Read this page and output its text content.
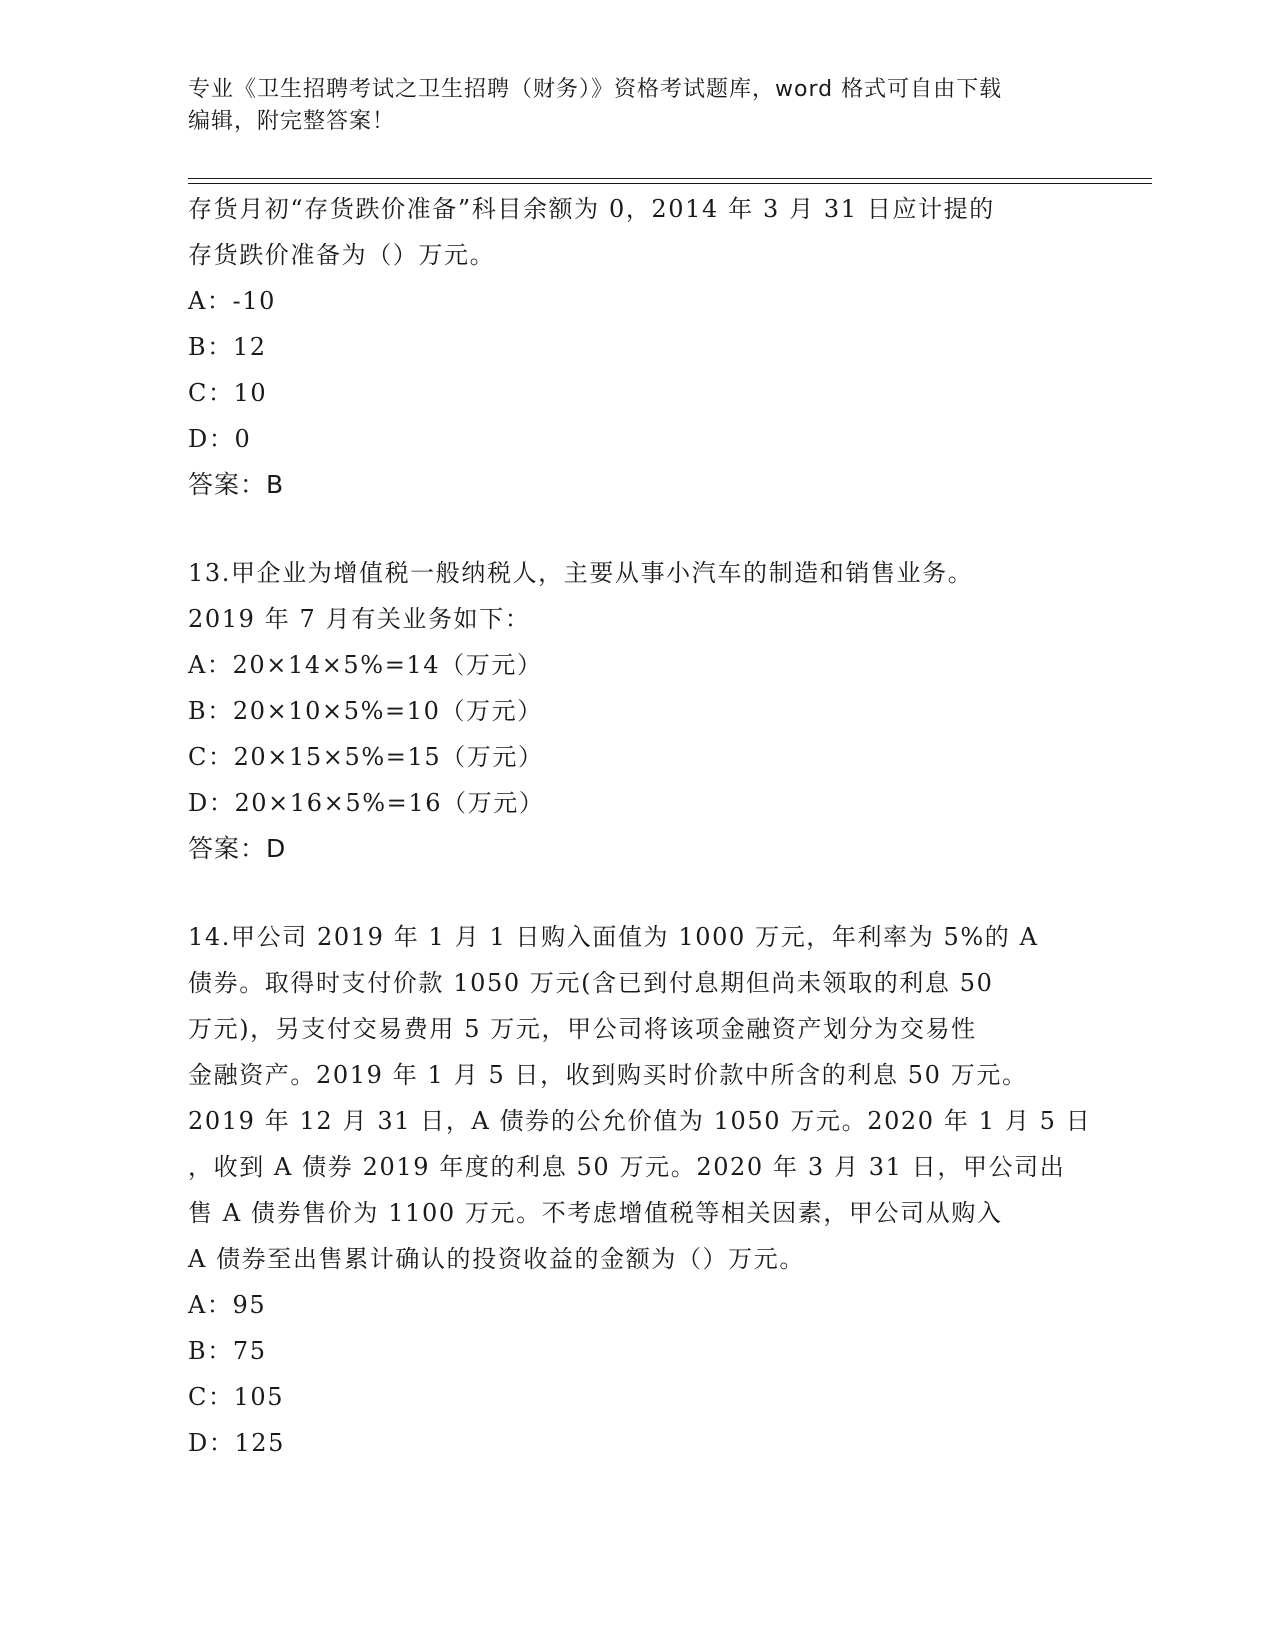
专业《卫生招聘考试之卫生招聘（财务）》资格考试题库，word 格式可自由下载
编辑，附完整答案！
存货月初“存货跌价准备”科目余额为 0，2014 年 3 月 31 日应计提的
存货跌价准备为（）万元。
A：-10
B：12
C：10
D：0
答案：B
13.甲企业为增值税一般纳税人，主要从事小汽车的制造和销售业务。
2019 年 7 月有关业务如下：
A：20×14×5%=14（万元）
B：20×10×5%=10（万元）
C：20×15×5%=15（万元）
D：20×16×5%=16（万元）
答案：D
14.甲公司 2019 年 1 月 1 日购入面值为 1000 万元，年利率为 5%的 A
债券。取得时支付价款 1050 万元(含已到付息期但尚未领取的利息 50
万元)，另支付交易费用 5 万元，甲公司将该项金融资产划分为交易性
金融资产。2019 年 1 月 5 日，收到购买时价款中所含的利息 50 万元。
2019 年 12 月 31 日，A 债券的公允价值为 1050 万元。2020 年 1 月 5 日
，收到 A 债券 2019 年度的利息 50 万元。2020 年 3 月 31 日，甲公司出
售 A 债券售价为 1100 万元。不考虑增值税等相关因素，甲公司从购入
A 债券至出售累计确认的投资收益的金额为（）万元。
A：95
B：75
C：105
D：125
